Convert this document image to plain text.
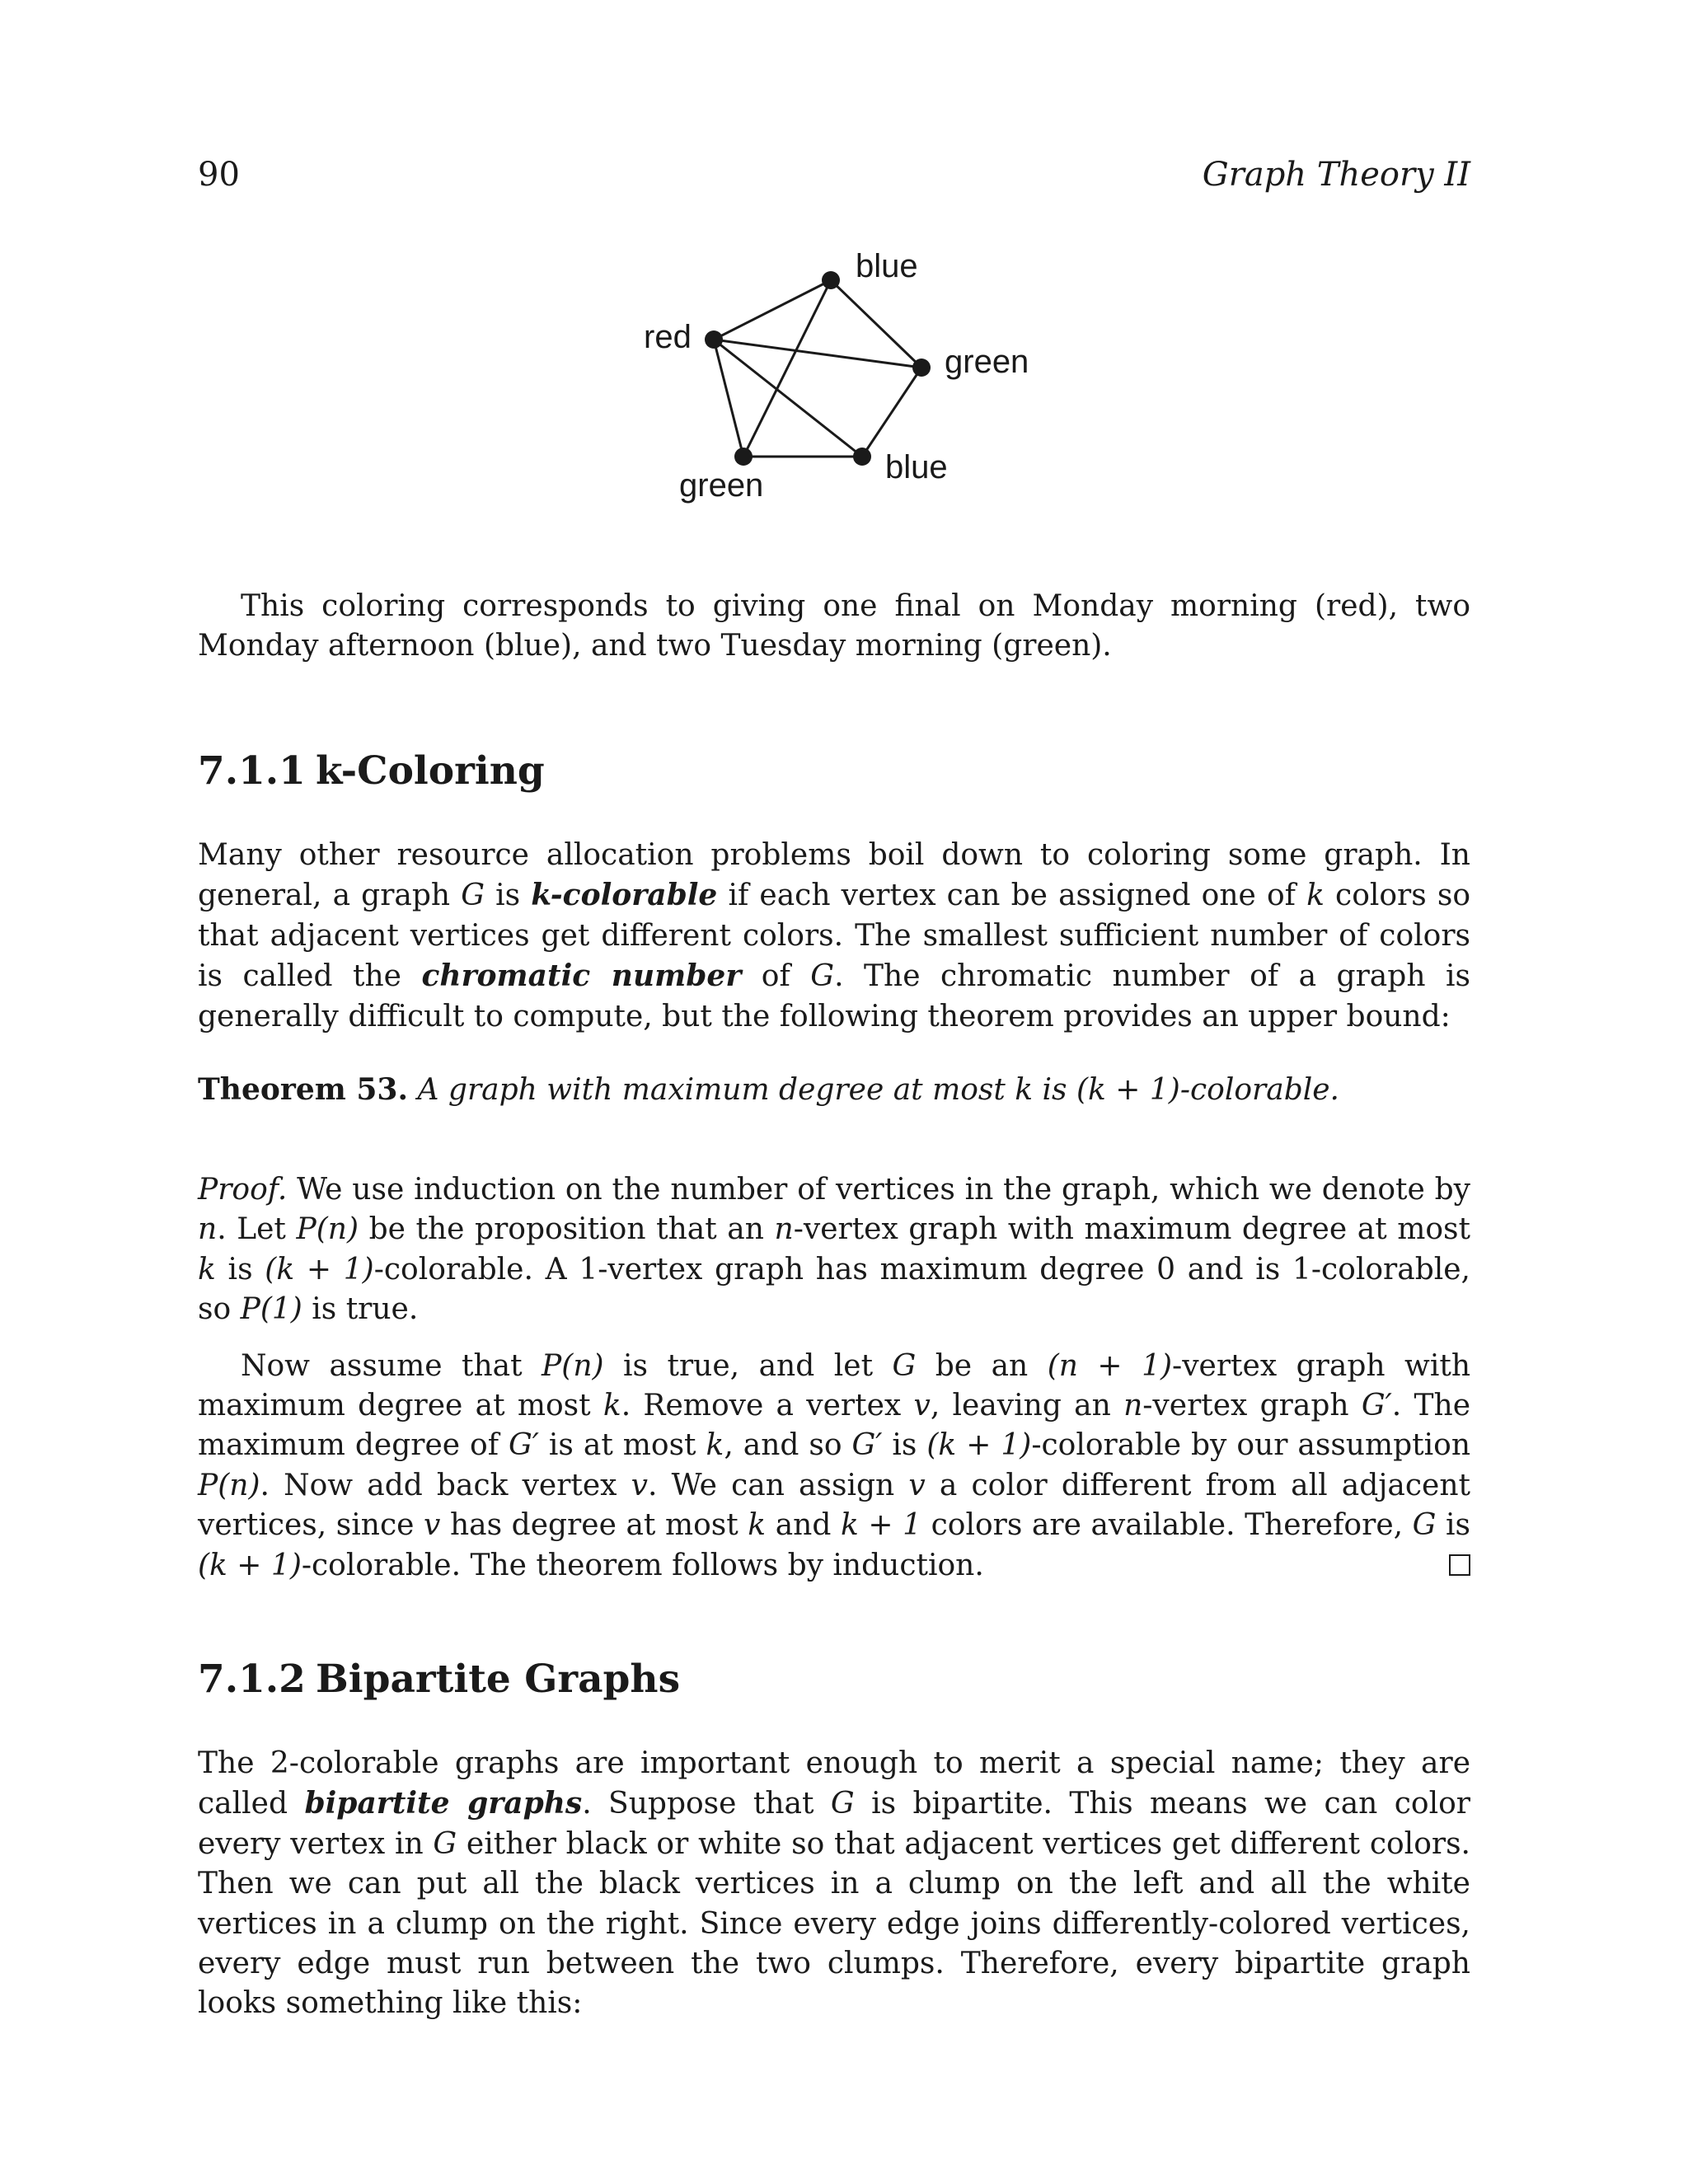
90	Graph Theory II
red
blue
green
blue
green

This coloring corresponds to giving one final on Monday morning (red), two Monday afternoon (blue), and two Tuesday morning (green).

7.1.1 k-Coloring

Many other resource allocation problems boil down to coloring some graph. In general, a graph G is k-colorable if each vertex can be assigned one of k colors so that adjacent vertices get different colors. The smallest sufficient number of colors is called the chromatic number of G. The chromatic number of a graph is generally difficult to compute, but the following theorem provides an upper bound:

Theorem 53. A graph with maximum degree at most k is (k + 1)-colorable.

Proof. We use induction on the number of vertices in the graph, which we denote by n. Let P(n) be the proposition that an n-vertex graph with maximum degree at most k is (k + 1)-colorable. A 1-vertex graph has maximum degree 0 and is 1-colorable, so P(1) is true.

Now assume that P(n) is true, and let G be an (n + 1)-vertex graph with maximum degree at most k. Remove a vertex v, leaving an n-vertex graph G′. The maximum degree of G′ is at most k, and so G′ is (k + 1)-colorable by our assumption P(n). Now add back vertex v. We can assign v a color different from all adjacent vertices, since v has degree at most k and k + 1 colors are available. Therefore, G is (k + 1)-colorable. The theorem follows by induction.

7.1.2 Bipartite Graphs

The 2-colorable graphs are important enough to merit a special name; they are called bipartite graphs. Suppose that G is bipartite. This means we can color every vertex in G either black or white so that adjacent vertices get different colors. Then we can put all the black vertices in a clump on the left and all the white vertices in a clump on the right. Since every edge joins differently-colored vertices, every edge must run between the two clumps. Therefore, every bipartite graph looks something like this:
